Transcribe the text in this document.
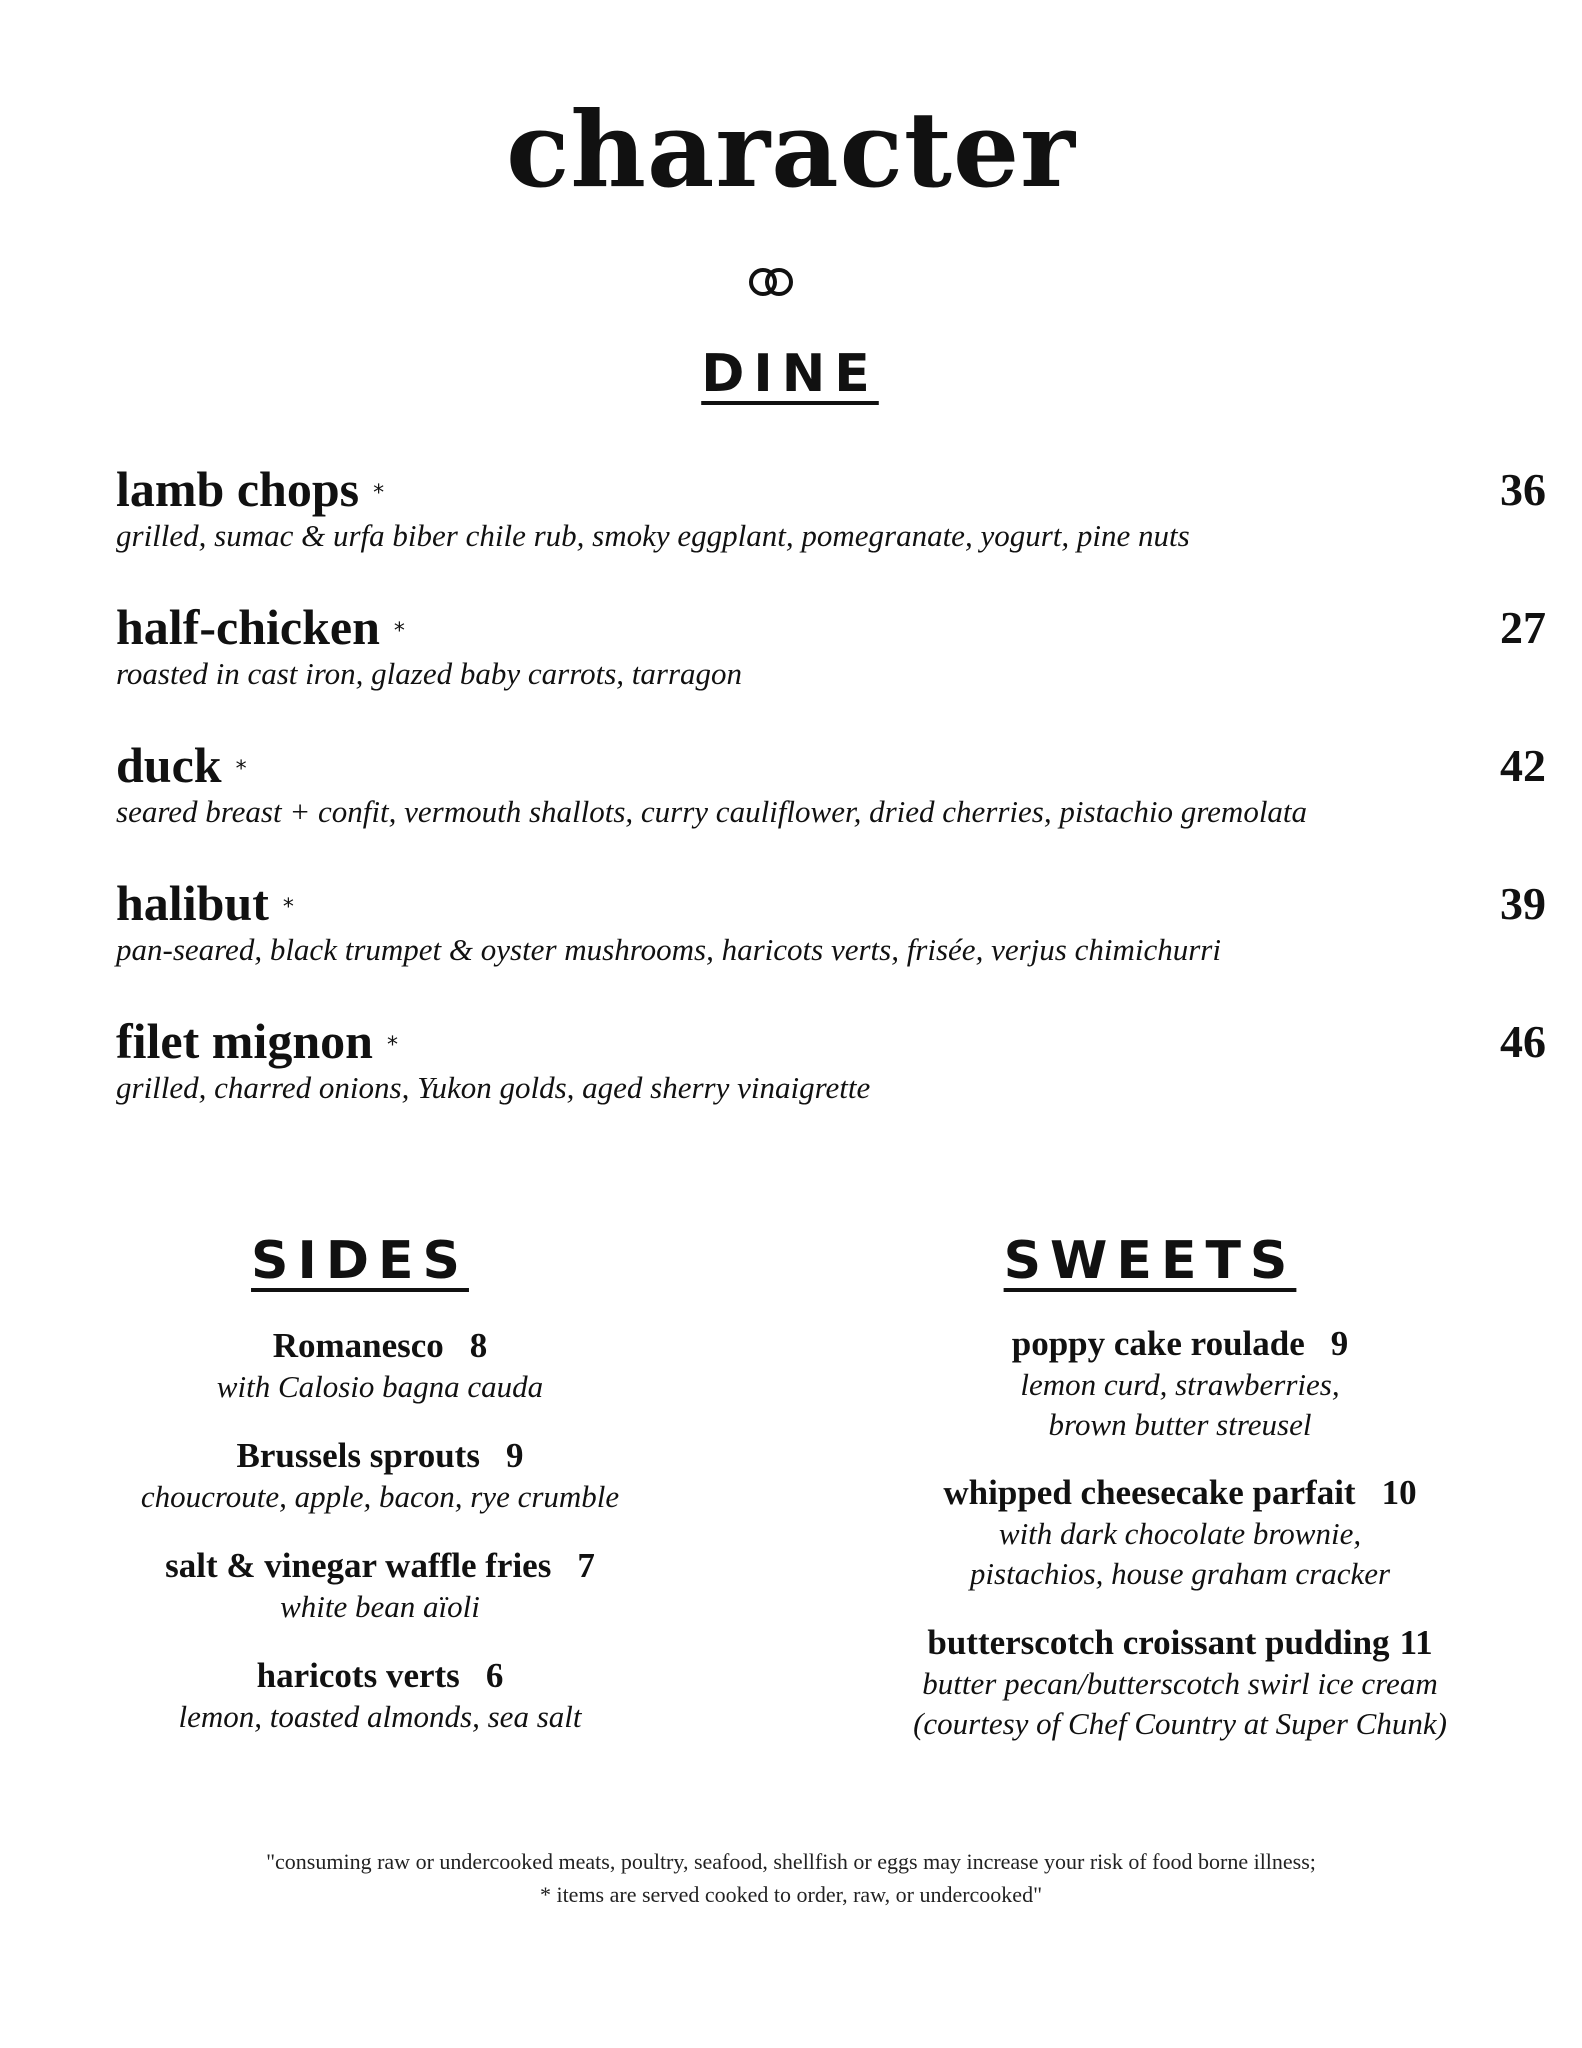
character
DINE
lamb chops *	36
grilled, sumac & urfa biber chile rub, smoky eggplant, pomegranate, yogurt, pine nuts
half-chicken *	27
roasted in cast iron, glazed baby carrots, tarragon
duck *	42
seared breast + confit, vermouth shallots, curry cauliflower, dried cherries, pistachio gremolata
halibut *	39
pan-seared, black trumpet & oyster mushrooms, haricots verts, frisée, verjus chimichurri
filet mignon *	46
grilled, charred onions, Yukon golds, aged sherry vinaigrette
SIDES
Romanesco 8
with Calosio bagna cauda
Brussels sprouts 9
choucroute, apple, bacon, rye crumble
salt & vinegar waffle fries 7
white bean aïoli
haricots verts 6
lemon, toasted almonds, sea salt
SWEETS
poppy cake roulade 9
lemon curd, strawberries,
brown butter streusel
whipped cheesecake parfait 10
with dark chocolate brownie,
pistachios, house graham cracker
butterscotch croissant pudding 11
butter pecan/butterscotch swirl ice cream
(courtesy of Chef Country at Super Chunk)
"consuming raw or undercooked meats, poultry, seafood, shellfish or eggs may increase your risk of food borne illness;
* items are served cooked to order, raw, or undercooked"
